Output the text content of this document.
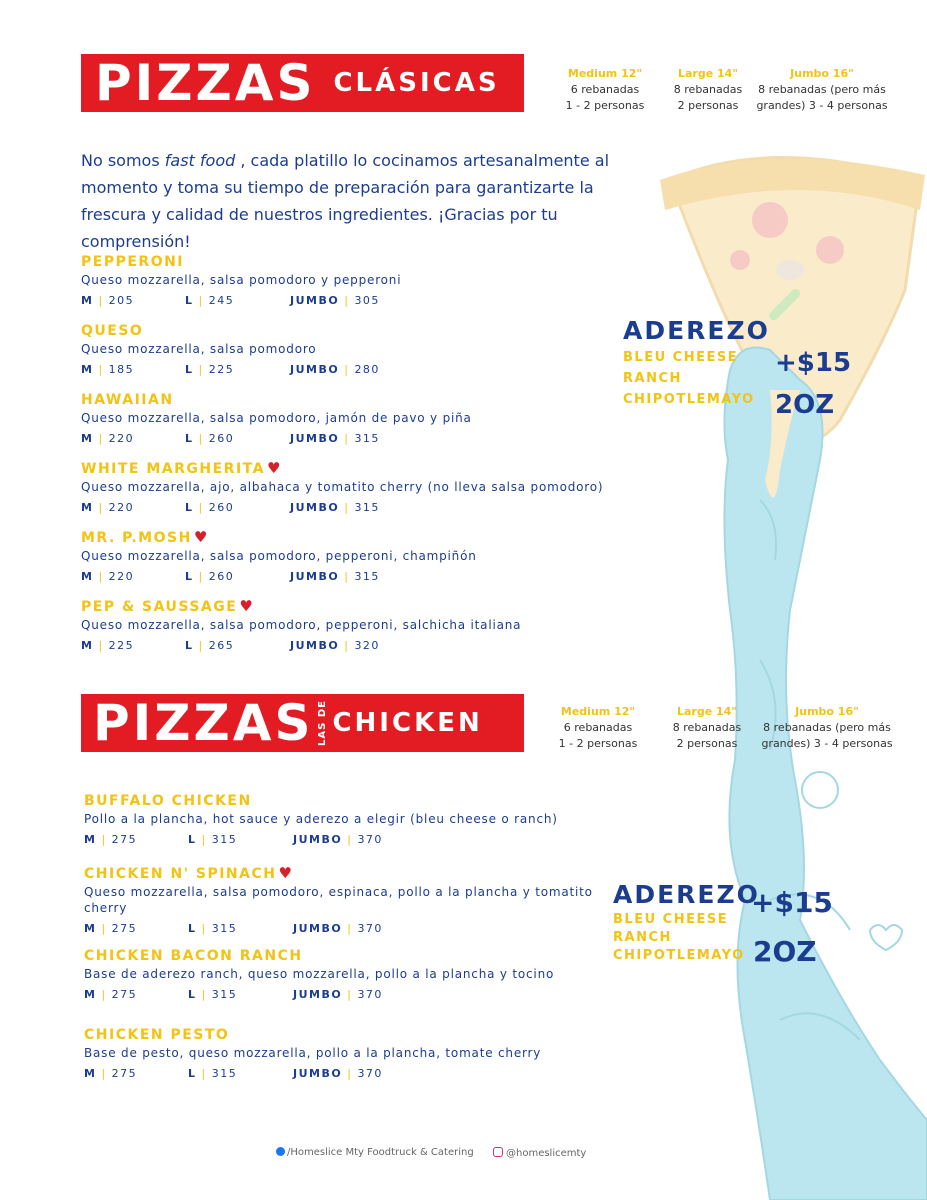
PIZZAS CLÁSICAS	Medium 12"
6 rebanadas
1 - 2 personas
Large 14"
8 rebanadas
2 personas
Jumbo 16"
8 rebanadas (pero más
grandes) 3 - 4 personas
No somos fast food , cada platillo lo cocinamos artesanalmente al momento y toma su tiempo de preparación para garantizarte la frescura y calidad de nuestros ingredientes. ¡Gracias por tu comprensión!
PEPPERONI
Queso mozzarella, salsa pomodoro y pepperoni
M | 205	L | 245	JUMBO | 305
QUESO
Queso mozzarella, salsa pomodoro
M | 185	L | 225	JUMBO | 280
HAWAIIAN
Queso mozzarella, salsa pomodoro, jamón de pavo y piña
M | 220	L | 260	JUMBO | 315
WHITE MARGHERITA ♥
Queso mozzarella, ajo, albahaca y tomatito cherry (no lleva salsa pomodoro)
M | 220	L | 260	JUMBO | 315
MR. P.MOSH ♥
Queso mozzarella, salsa pomodoro, pepperoni, champiñón
M | 220	L | 260	JUMBO | 315
PEP & SAUSSAGE ♥
Queso mozzarella, salsa pomodoro, pepperoni, salchicha italiana
M | 225	L | 265	JUMBO | 320
ADEREZO
BLEU CHEESE
RANCH
CHIPOTLEMAYO
+$15
2OZ
PIZZAS LAS DE CHICKEN	Medium 12"
6 rebanadas
1 - 2 personas
Large 14"
8 rebanadas
2 personas
Jumbo 16"
8 rebanadas (pero más
grandes) 3 - 4 personas
BUFFALO CHICKEN
Pollo a la plancha, hot sauce y aderezo a elegir (bleu cheese o ranch)
M | 275	L | 315	JUMBO | 370
CHICKEN N' SPINACH ♥
Queso mozzarella, salsa pomodoro, espinaca, pollo a la plancha y tomatito cherry
M | 275	L | 315	JUMBO | 370
CHICKEN BACON RANCH
Base de aderezo ranch, queso mozzarella, pollo a la plancha y tocino
M | 275	L | 315	JUMBO | 370
CHICKEN PESTO
Base de pesto, queso mozzarella, pollo a la plancha, tomate cherry
M | 275	L | 315	JUMBO | 370
ADEREZO
BLEU CHEESE
RANCH
CHIPOTLEMAYO
+$15
2OZ
/Homeslice Mty Foodtruck & Catering	@homeslicemty
